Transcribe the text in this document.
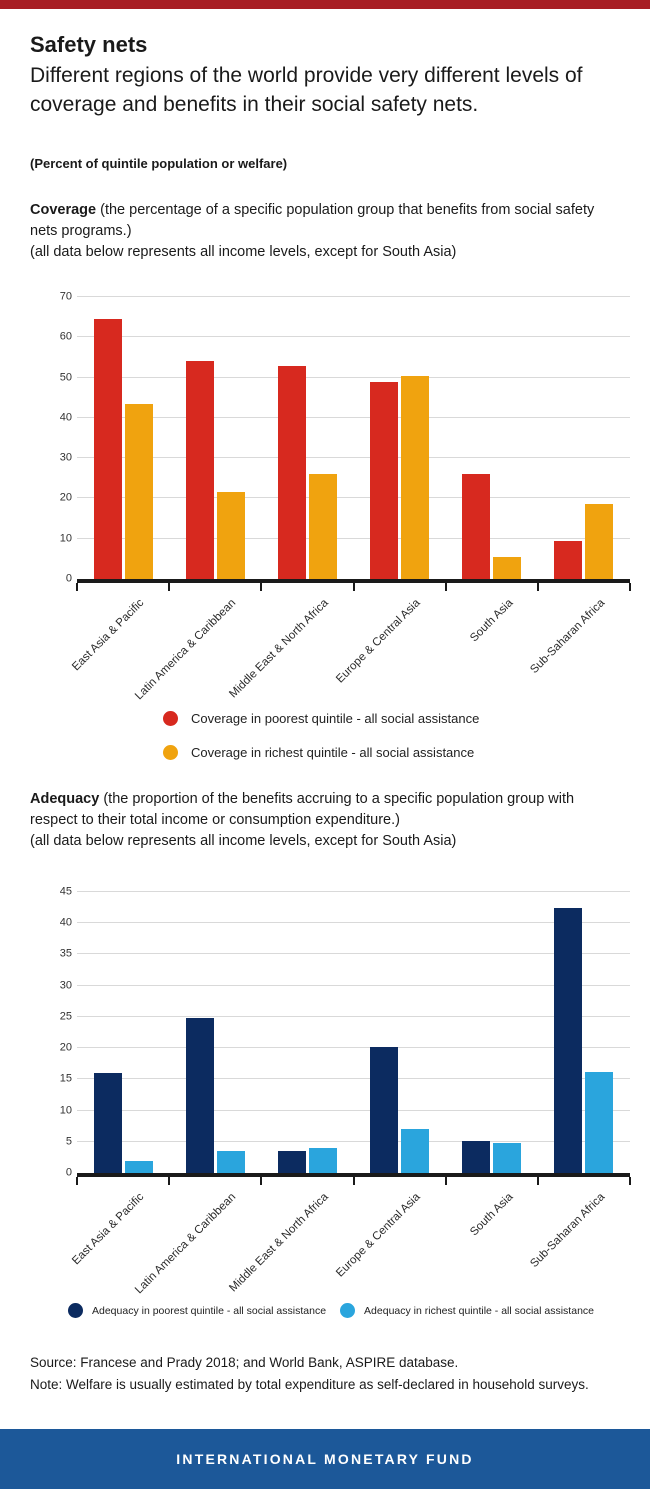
Safety nets

Different regions of the world provide very different levels of coverage and benefits in their social safety nets.

(Percent of quintile population or welfare)
Coverage (the percentage of a specific population group that benefits from social safety nets programs.)
(all data below represents all income levels, except for South Asia)
0
10
20
30
40
50
60
70
East Asia & Pacific
Latin America & Caribbean
Middle East & North Africa Europe & Central Asia	South Asia Sub-Saharan Africa
Coverage in poorest quintile - all social assistance
Coverage in richest quintile - all social assistance
Adequacy (the proportion of the benefits accruing to a specific population group with respect to their total income or consumption expenditure.)
(all data below represents all income levels, except for South Asia)
0
5
10
15
20
25
30
35
40
45
East Asia & Pacific
Latin America & Caribbean
Middle East & North Africa Europe & Central Asia	South Asia Sub-Saharan Africa
Adequacy in poorest quintile - all social assistance	Adequacy in richest quintile - all social assistance
Source: Francese and Prady 2018; and World Bank, ASPIRE database.
Note: Welfare is usually estimated by total expenditure as self-declared in household surveys.
INTERNATIONAL MONETARY FUND
